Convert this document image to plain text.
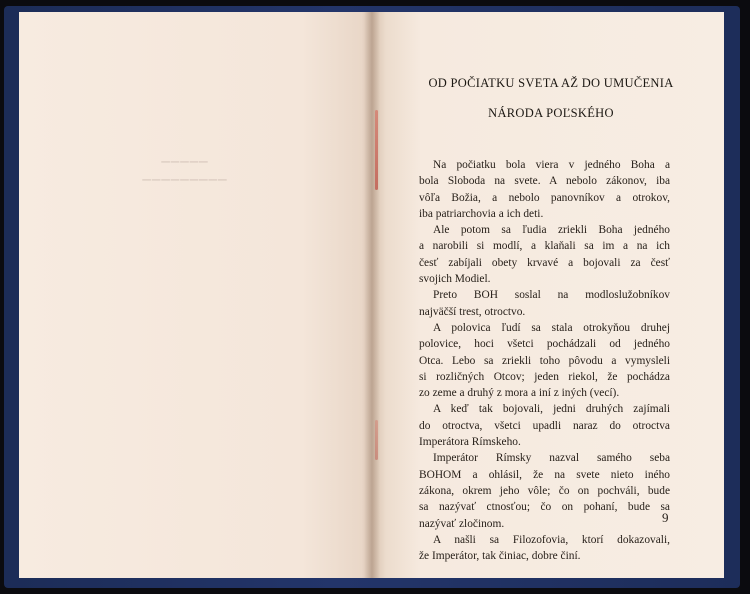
▁▁▁▁▁
▁▁▁▁▁▁▁▁▁
OD POČIATKU SVETA AŽ DO UMUČENIA
NÁRODA POĽSKÉHO
Na počiatku bola viera v jedného Boha a
bola Sloboda na svete. A nebolo zákonov, iba
vôľa Božia, a nebolo panovníkov a otrokov,
iba patriarchovia a ich deti.
Ale potom sa ľudia zriekli Boha jedného
a narobili si modlí, a klaňali sa im a na ich
česť zabíjali obety krvavé a bojovali za česť
svojich Modiel.
Preto BOH soslal na modloslužobníkov
najväčší trest, otroctvo.
A polovica ľudí sa stala otrokyňou druhej
polovice, hoci všetci pochádzali od jedného
Otca. Lebo sa zriekli toho pôvodu a vymysleli
si rozličných Otcov; jeden riekol, že pochádza
zo zeme a druhý z mora a iní z iných (vecí).
A keď tak bojovali, jedni druhých zajímali
do otroctva, všetci upadli naraz do otroctva
Imperátora Rímskeho.
Imperátor Rímsky nazval samého seba
BOHOM a ohlásil, že na svete nieto iného
zákona, okrem jeho vôle; čo on pochváli, bude
sa nazývať ctnosťou; čo on pohaní, bude sa
nazývať zločinom.
A našli sa Filozofovia, ktorí dokazovali,
že Imperátor, tak činiac, dobre činí.
9
